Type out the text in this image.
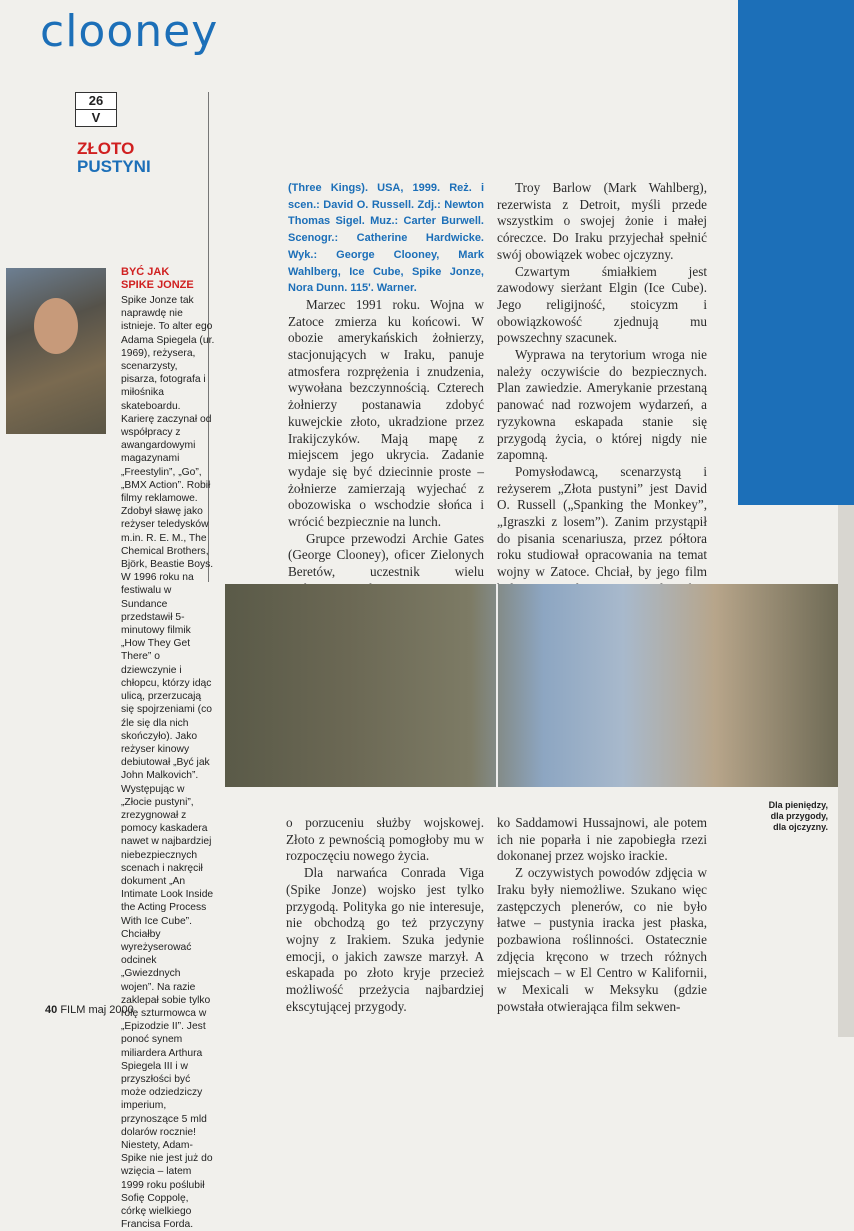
clooney
26
V
ZŁOTO
PUSTYNI
BYĆ JAK
SPIKE JONZE

Spike Jonze tak naprawdę nie istnieje. To alter ego Adama Spiegela (ur. 1969), reżysera, scenarzysty, pisarza, fotografa i miłośnika skateboardu. Karierę zaczynał od współpracy z awangardowymi magazynami „Freestylin”, „Go”, „BMX Action”. Robił filmy reklamowe. Zdobył sławę jako reżyser teledysków m.in. R. E. M., The Chemical Brothers, Björk, Beastie Boys. W 1996 roku na festiwalu w Sundance przedstawił 5-minutowy filmik „How They Get There” o dziewczynie i chłopcu, którzy idąc ulicą, przerzucają się spojrzeniami (co źle się dla nich skończyło). Jako reżyser kinowy debiutował „Być jak John Malkovich”. Występując w „Złocie pustyni”, zrezygnował z pomocy kaskadera nawet w najbardziej niebezpiecznych scenach i nakręcił dokument „An Intimate Look Inside the Acting Process With Ice Cube”. Chciałby wyreżyserować odcinek „Gwiezdnych wojen”. Na razie zaklepał sobie tylko rolę szturmowca w „Epizodzie II”. Jest ponoć synem miliardera Arthura Spiegela III i w przyszłości być może odziedziczy imperium, przynoszące 5 mld dolarów rocznie! Niestety, Adam-Spike nie jest już do wzięcia – latem 1999 roku poślubił Sofię Coppolę, córkę wielkiego Francisa Forda.

(Three Kings). USA, 1999. Reż. i scen.: David O. Russell. Zdj.: Newton Thomas Sigel. Muz.: Carter Burwell. Scenogr.: Catherine Hardwicke. Wyk.: George Clooney, Mark Wahlberg, Ice Cube, Spike Jonze, Nora Dunn. 115'. Warner.

Marzec 1991 roku. Wojna w Zatoce zmierza ku końcowi. W obozie amerykańskich żołnierzy, stacjonujących w Iraku, panuje atmosfera rozprężenia i znudzenia, wywołana bezczynnością. Czterech żołnierzy postanawia zdobyć kuwejckie złoto, ukradzione przez Irakijczyków. Mają mapę z miejscem jego ukrycia. Zadanie wydaje się być dziecinnie proste – żołnierze zamierzają wyjechać z obozowiska o wschodzie słońca i wrócić bezpiecznie na lunch.

Grupce przewodzi Archie Gates (George Clooney), oficer Zielonych Beretów, uczestnik wielu

Troy Barlow (Mark Wahlberg), rezerwista z Detroit, myśli przede wszystkim o swojej żonie i małej córeczce. Do Iraku przyjechał spełnić swój obowiązek wobec ojczyzny.

Czwartym śmiałkiem jest zawodowy sierżant Elgin (Ice Cube). Jego religijność, stoicyzm i obowiązkowość zjednują mu powszechny szacunek.

Wyprawa na terytorium wroga nie należy oczywiście do bezpiecznych. Plan zawiedzie. Amerykanie przestaną panować nad rozwojem wydarzeń, a ryzykowna eskapada stanie się przygodą życia, o której nigdy nie zapomną.

Pomysłodawcą, scenarzystą i reżyserem „Złota pustyni” jest David O. Russell („Spanking the Monkey”, „Igraszki z losem”). Zanim przystąpił do pisania scenariusza, przez półtora roku studiował opracowania na temat wojny w Zatoce. Chciał, by jego film

Dla pieniędzy,
dla przygody,
dla ojczyzny.

o porzuceniu służby wojskowej. Złoto z pewnością pomogłoby mu w rozpoczęciu nowego życia.

Dla narwańca Conrada Viga (Spike Jonze) wojsko jest tylko przygodą. Polityka go nie interesuje, nie obchodzą go też przyczyny wojny z Irakiem. Szuka jedynie emocji, o jakich zawsze marzył. A eskapada po złoto kryje przecież możliwość przeżycia najbardziej ekscytującej przygody.

ko Saddamowi Hussajnowi, ale potem ich nie poparła i nie zapobiegła rzezi dokonanej przez wojsko irackie.

Z oczywistych powodów zdjęcia w Iraku były niemożliwe. Szukano więc zastępczych plenerów, co nie było łatwe – pustynia iracka jest płaska, pozbawiona roślinności. Ostatecznie zdjęcia kręcono w trzech różnych miejscach – w El Centro w Kalifornii, w Mexicali w Meksyku (gdzie powstała otwierająca film sekwen-

40 FILM maj 2000
